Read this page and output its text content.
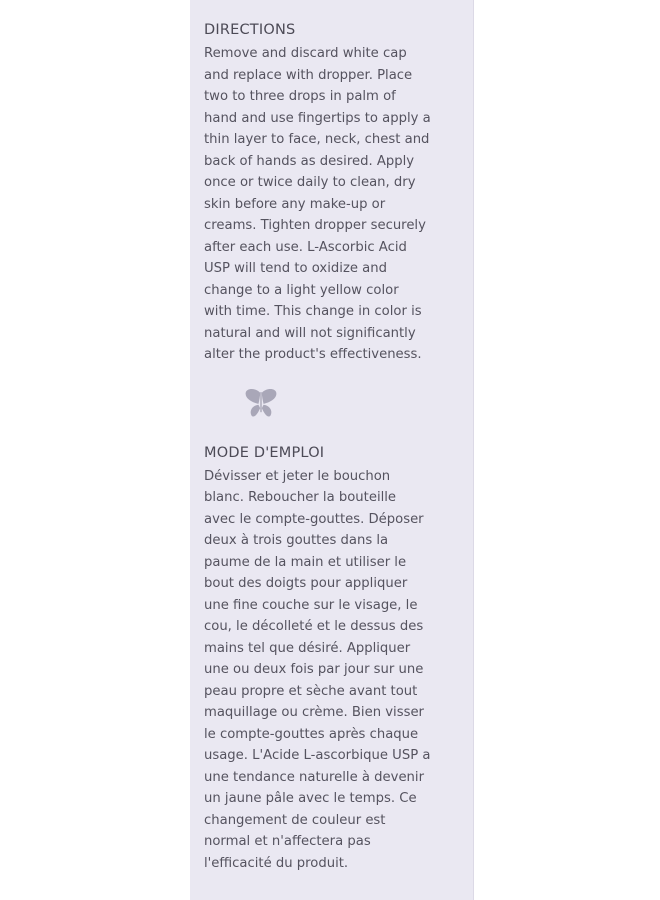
DIRECTIONS

Remove and discard white cap

and replace with dropper. Place

two to three drops in palm of

hand and use fingertips to apply a

thin layer to face, neck, chest and

back of hands as desired. Apply

once or twice daily to clean, dry

skin before any make-up or

creams. Tighten dropper securely

after each use. L-Ascorbic Acid

USP will tend to oxidize and

change to a light yellow color

with time. This change in color is

natural and will not significantly

alter the product's effectiveness.

MODE D'EMPLOI

Dévisser et jeter le bouchon

blanc. Reboucher la bouteille

avec le compte-gouttes. Déposer

deux à trois gouttes dans la

paume de la main et utiliser le

bout des doigts pour appliquer

une fine couche sur le visage, le

cou, le décolleté et le dessus des

mains tel que désiré. Appliquer

une ou deux fois par jour sur une

peau propre et sèche avant tout

maquillage ou crème. Bien visser

le compte-gouttes après chaque

usage. L'Acide L-ascorbique USP a

une tendance naturelle à devenir

un jaune pâle avec le temps. Ce

changement de couleur est

normal et n'affectera pas

l'efficacité du produit.
